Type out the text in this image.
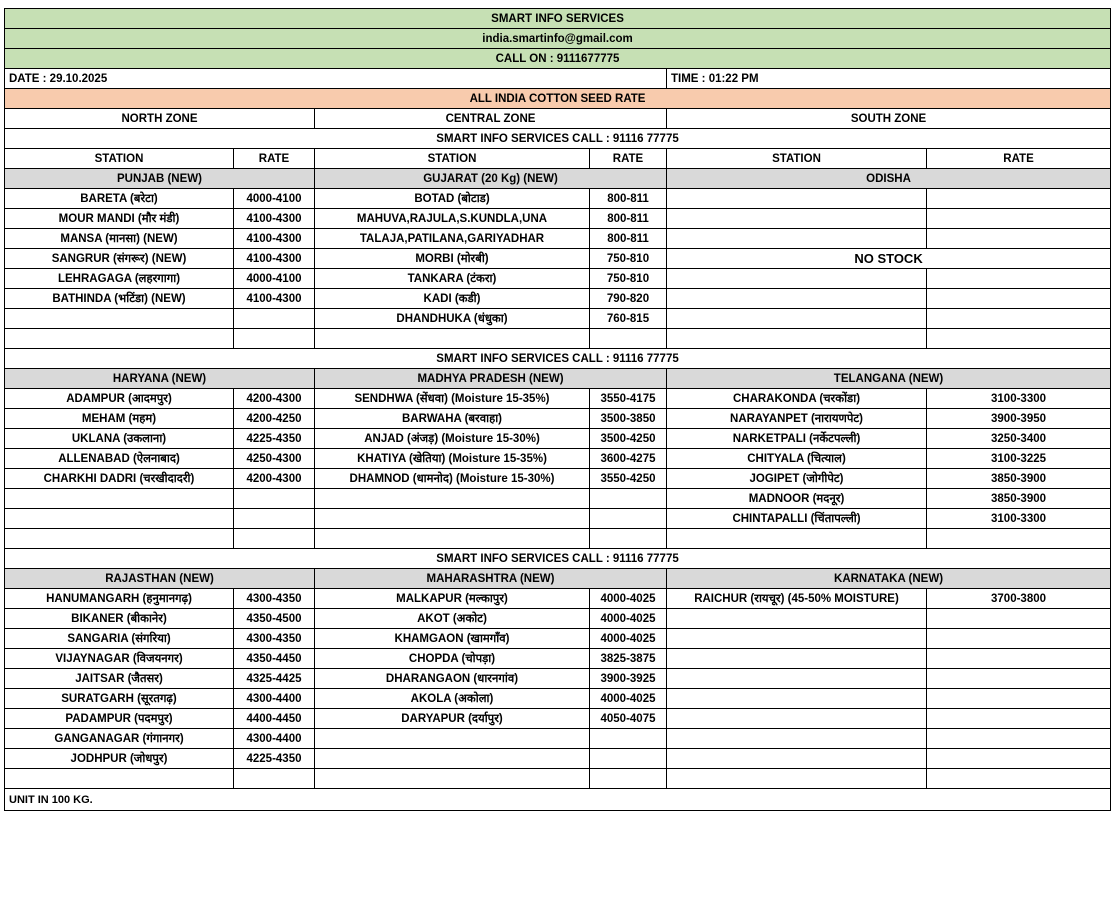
SMART INFO SERVICES					
india.smartinfo@gmail.com					
CALL ON : 9111677775					
DATE : 29.10.2025				TIME : 01:22 PM	
ALL INDIA COTTON SEED RATE					
NORTH ZONE		CENTRAL ZONE		SOUTH ZONE	
SMART INFO SERVICES CALL : 91116 77775					
STATION	RATE	STATION	RATE	STATION	RATE
PUNJAB (NEW)		GUJARAT (20 Kg) (NEW)		ODISHA	
BARETA (बरेटा)	4000-4100	BOTAD (बोटाड)	800-811		
MOUR MANDI (मौर मंडी)	4100-4300	MAHUVA,RAJULA,S.KUNDLA,UNA	800-811		
MANSA (मानसा) (NEW)	4100-4300	TALAJA,PATILANA,GARIYADHAR	800-811		
SANGRUR (संगरूर) (NEW)	4100-4300	MORBI (मोरबी)	750-810	NO STOCK	
LEHRAGAGA (लहरगागा)	4000-4100	TANKARA (टंकरा)	750-810		
BATHINDA (भटिंडा) (NEW)	4100-4300	KADI (कडी)	790-820		
		DHANDHUKA (धंधुका)	760-815		

SMART INFO SERVICES CALL : 91116 77775					
HARYANA (NEW)		MADHYA PRADESH (NEW)		TELANGANA (NEW)	
ADAMPUR (आदमपुर)	4200-4300	SENDHWA (सेंधवा) (Moisture 15-35%)	3550-4175	CHARAKONDA (चरकोंडा)	3100-3300
MEHAM (महम)	4200-4250	BARWAHA (बरवाहा)	3500-3850	NARAYANPET (नारायणपेट)	3900-3950
UKLANA (उकलाना)	4225-4350	ANJAD (अंजड़) (Moisture 15-30%)	3500-4250	NARKETPALI (नर्केटपल्ली)	3250-3400
ALLENABAD (ऐलनाबाद)	4250-4300	KHATIYA (खेतिया) (Moisture 15-35%)	3600-4275	CHITYALA (चित्याल)	3100-3225
CHARKHI DADRI (चरखीदादरी)	4200-4300	DHAMNOD (धामनोद) (Moisture 15-30%)	3550-4250	JOGIPET (जोगीपेट)	3850-3900
				MADNOOR (मदनूर)	3850-3900
				CHINTAPALLI (चिंतापल्ली)	3100-3300

SMART INFO SERVICES CALL : 91116 77775					
RAJASTHAN (NEW)		MAHARASHTRA (NEW)		KARNATAKA (NEW)	
HANUMANGARH (हनुमानगढ़)	4300-4350	MALKAPUR (मल्कापुर)	4000-4025	RAICHUR (रायचूर) (45-50% MOISTURE)	3700-3800
BIKANER (बीकानेर)	4350-4500	AKOT (अकोट)	4000-4025		
SANGARIA (संगरिया)	4300-4350	KHAMGAON (खामगाँव)	4000-4025		
VIJAYNAGAR (विजयनगर)	4350-4450	CHOPDA (चोपड़ा)	3825-3875		
JAITSAR (जैतसर)	4325-4425	DHARANGAON (धारनगांव)	3900-3925		
SURATGARH (सूरतगढ़)	4300-4400	AKOLA (अकोला)	4000-4025		
PADAMPUR (पदमपुर)	4400-4450	DARYAPUR (दर्यापुर)	4050-4075		
GANGANAGAR (गंगानगर)	4300-4400				
JODHPUR (जोधपुर)	4225-4350				

UNIT IN 100 KG.					
